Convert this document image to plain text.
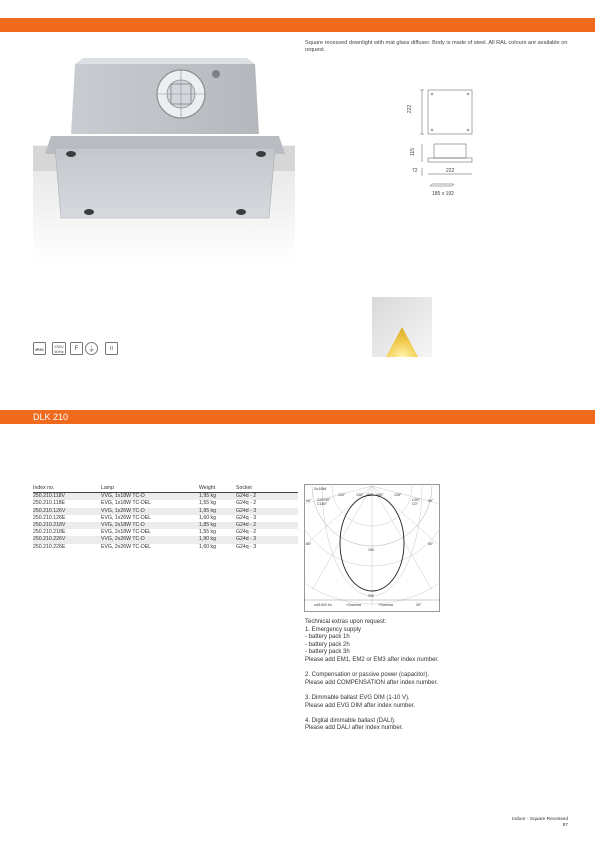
Square recessed downlight with mat glass diffuser. Body is made of steel. All RAL colours are available on request.
222
115
72	222
185 x 192
IP20
230V 50Hz	F	⏚	II
DLK 210
Index no.	Lamp	Weight	Socket
250.210.118V	VVG, 1x18W TC-D	1,95 kg	G24d - 2
250.210.118E	EVG, 1x18W TC-DEL	1,55 kg	G24q - 2
250.210.126V	VVG, 1x26W TC-D	1,95 kg	G24d - 3
250.210.126E	EVG, 1x26W TC-DEL	1,60 kg	G24q - 3
250.210.218V	VVG, 2x18W TC-D	1,85 kg	G24d - 2
250.210.218E	EVG, 2x18W TC-DEL	1,55 kg	G24q - 2
250.210.226V	VVG, 2x26W TC-D	1,90 kg	G24d - 3
250.210.226E	EVG, 2x26W TC-DEL	1,60 kg	G24q - 3
2x18W
C0/C90°
C180°
C90°
C0°
120°	135° 180° 180°	135°
90°	90°
60°	60°
150
300
cd/1000 lm	+Gamma	+Gamma	30°

Technical extras upon request:

1. Emergency supply

- battery pack 1h

- battery pack 2h

- battery pack 3h

Please add EM1, EM2 or EM3 after index number.

2. Compensation or passive power (capacitor).

Please add COMPENSATION after index number.

3. Dimmable ballast EVG DIM (1-10 V).

Please add EVG DIM after index number.

4. Digital dimmable ballast (DALI).

Please add DALI after index number.

Indoor - Square Recessed
87
